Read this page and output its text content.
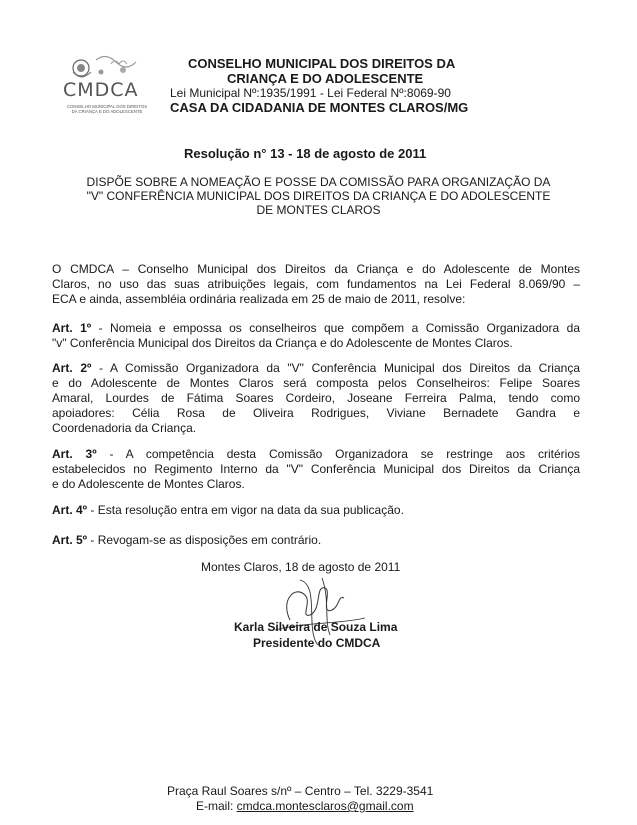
CMDCA
CONSELHO MUNICIPAL DOS DIREITOS
DA CRIANÇA E DO ADOLESCENTE
CONSELHO MUNICIPAL DOS DIREITOS DA
CRIANÇA E DO ADOLESCENTE
Lei Municipal Nº:1935/1991 - Lei Federal Nº:8069-90
CASA DA CIDADANIA DE MONTES CLAROS/MG
Resolução n° 13 - 18 de agosto de 2011
DISPÕE SOBRE A NOMEAÇÃO E POSSE DA COMISSÃO PARA ORGANIZAÇÃO DA
"V" CONFERÊNCIA MUNICIPAL DOS DIREITOS DA CRIANÇA E DO ADOLESCENTE
DE MONTES CLAROS
O CMDCA – Conselho Municipal dos Direitos da Criança e do Adolescente de Montes
Claros, no uso das suas atribuições legais, com fundamentos na Lei Federal 8.069/90 –
ECA e ainda, assembléia ordinária realizada em 25 de maio de 2011, resolve:
Art. 1º - Nomeia e empossa os conselheiros que compõem a Comissão Organizadora da
"v" Conferência Municipal dos Direitos da Criança e do Adolescente de Montes Claros.
Art. 2º - A Comissão Organizadora da "V" Conferência Municipal dos Direitos da Criança
e do Adolescente de Montes Claros será composta pelos Conselheiros: Felipe Soares
Amaral, Lourdes de Fátima Soares Cordeiro, Joseane Ferreira Palma, tendo como
apoiadores: Célia Rosa de Oliveira Rodrigues, Viviane Bernadete Gandra e
Coordenadoria da Criança.
Art. 3º - A competência desta Comissão Organizadora se restringe aos critérios
estabelecidos no Regimento Interno da "V" Conferência Municipal dos Direitos da Criança
e do Adolescente de Montes Claros.
Art. 4º - Esta resolução entra em vigor na data da sua publicação.
Art. 5º - Revogam-se as disposições em contrário.
Montes Claros, 18 de agosto de 2011
Karla Silveira de Souza Lima
Presidente do CMDCA
Praça Raul Soares s/nº – Centro – Tel. 3229-3541
E-mail: cmdca.montesclaros@gmail.com
